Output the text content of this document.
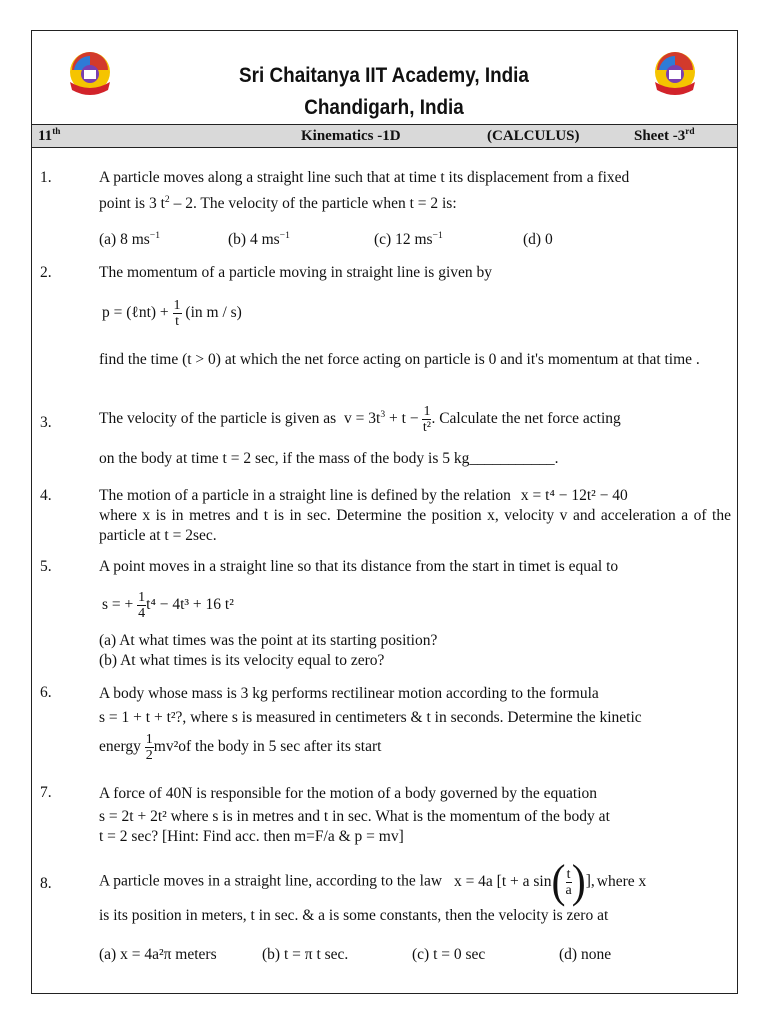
Sri Chaitanya IIT Academy, India
Chandigarh, India
11th	Kinematics -1D	(CALCULUS)	Sheet -3rd
1.	A particle moves along a straight line such that at time t its displacement from a fixed
point is 3 $t^2 - 2$. The velocity of the particle when t = 2 is:
(a) 8 $ms^{-1}$	(b) 4 $ms^{-1}$	(c) 12 $ms^{-1}$	(d) 0
2.	The momentum of a particle moving in straight line is given by
p = (ℓnt) + $\frac{1}{t} (in$ m / s)
find the time (t > 0) at which the net force acting on particle is 0 and it's momentum at that time .
3.	The velocity of the particle is given as $v = 3t^3 + t - \frac{1}{\text{t²}}$ . Calculate the net force acting
on the body at time t = 2 sec, if the mass of the body is 5 kg___________.
4.	The motion of a particle in a straight line is defined by the relation x = t⁴ − 12t² − 40
where x is in metres and t is in sec. Determine the position x, velocity v and acceleration a of the particle at t = 2sec.
5.	A point moves in a straight line so that its distance from the start in timet is equal to
s = + $\frac{1}{4} t^4 - 4t^3 + 16$ t²
(a) At what times was the point at its starting position?
(b) At what times is its velocity equal to zero?
6.	A body whose mass is 3 kg performs rectilinear motion according to the formula
s = 1 + t + t²?, where s is measured in centimeters & t in seconds. Determine the kinetic
energy $\frac{1}{2} mv^2of$ the body in 5 sec after its start
7.	A force of 40N is responsible for the motion of a body governed by the equation
s = 2t + 2t² where s is in metres and t in sec. What is the momentum of the body at
t = 2 sec? [Hint: Find acc. then m=F/a & p = mv]
8.	A particle moves in a straight line, according to the law x = 4a [t + a $\sin( \frac{t}{a}$ )], where x
is its position in meters, t in sec. & a is some constants, then the velocity is zero at
(a) x = 4a²π meters	(b) t = π t sec.	(c) t = 0 sec	(d) none
